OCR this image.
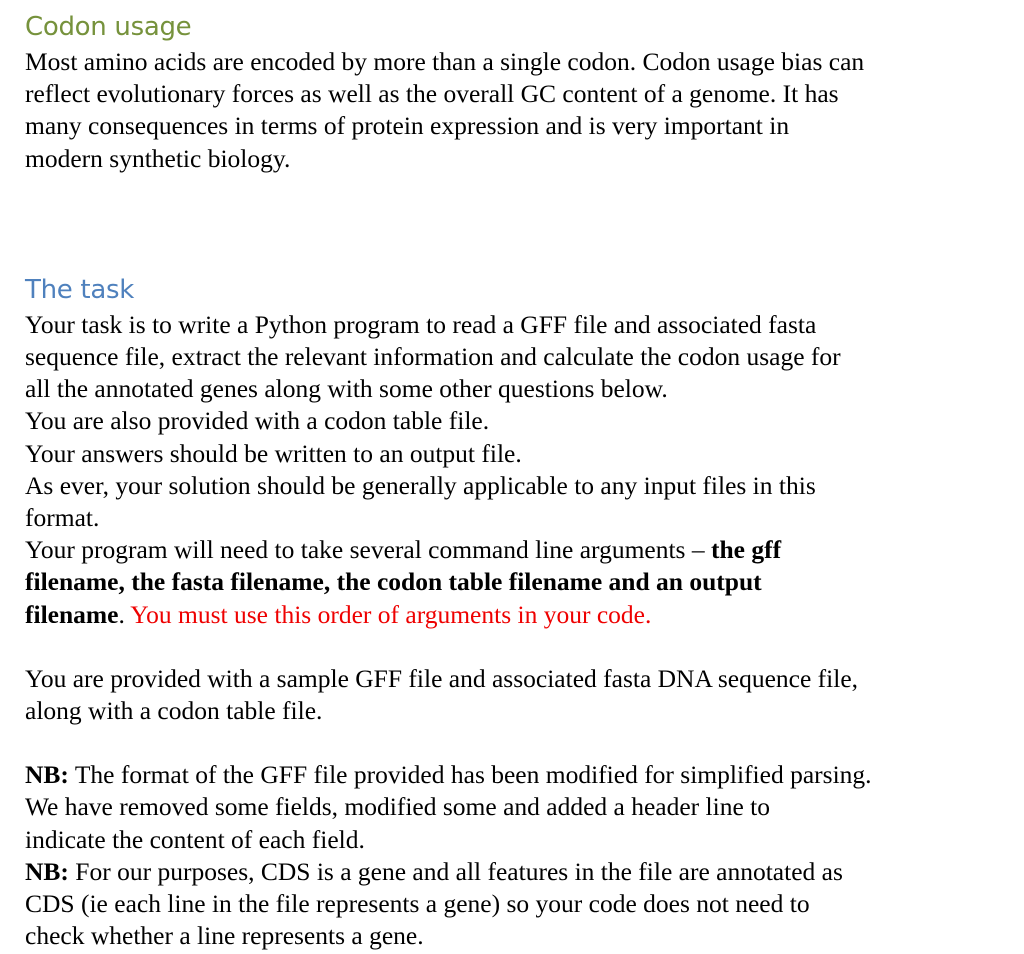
Codon usage

Most amino acids are encoded by more than a single codon. Codon usage bias can
reflect evolutionary forces as well as the overall GC content of a genome. It has
many consequences in terms of protein expression and is very important in
modern synthetic biology.

The task

Your task is to write a Python program to read a GFF file and associated fasta
sequence file, extract the relevant information and calculate the codon usage for
all the annotated genes along with some other questions below.
You are also provided with a codon table file.
Your answers should be written to an output file.
As ever, your solution should be generally applicable to any input files in this
format.
Your program will need to take several command line arguments – the gff
filename, the fasta filename, the codon table filename and an output
filename. You must use this order of arguments in your code.

You are provided with a sample GFF file and associated fasta DNA sequence file,
along with a codon table file.

NB: The format of the GFF file provided has been modified for simplified parsing.
We have removed some fields, modified some and added a header line to
indicate the content of each field.
NB: For our purposes, CDS is a gene and all features in the file are annotated as
CDS (ie each line in the file represents a gene) so your code does not need to
check whether a line represents a gene.
